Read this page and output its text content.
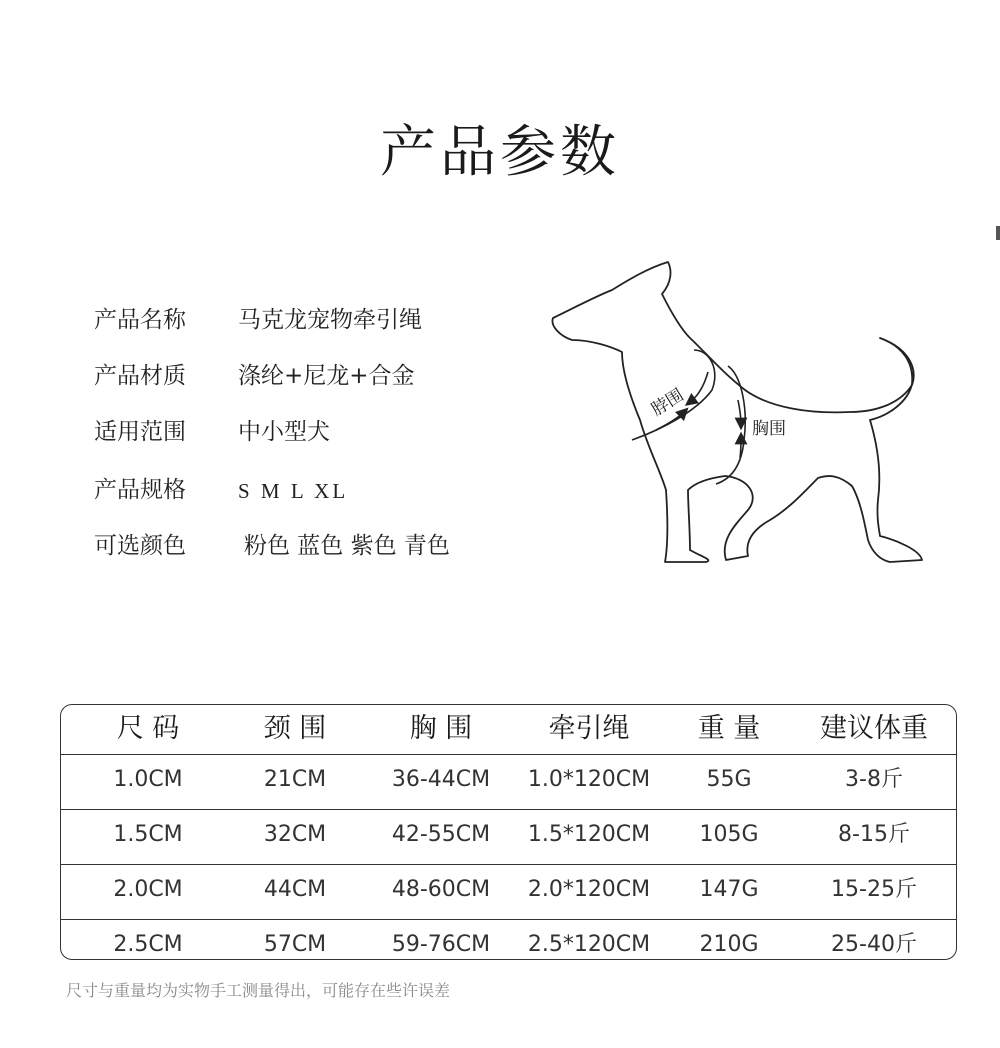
产品参数
产品名称 马克龙宠物牵引绳
产品材质 涤纶+尼龙+合金
适用范围 中小型犬
产品规格 S M L XL
可选颜色	粉色 蓝色 紫色 青色
脖围
胸围
尺 码	颈 围	胸 围	牵引绳	重 量	建议体重
1.0CM	21CM	36-44CM	1.0*120CM	55G	3-8斤
1.5CM	32CM	42-55CM	1.5*120CM	105G	8-15斤
2.0CM	44CM	48-60CM	2.0*120CM	147G	15-25斤
2.5CM	57CM	59-76CM	2.5*120CM	210G	25-40斤
尺寸与重量均为实物手工测量得出，可能存在些许误差
